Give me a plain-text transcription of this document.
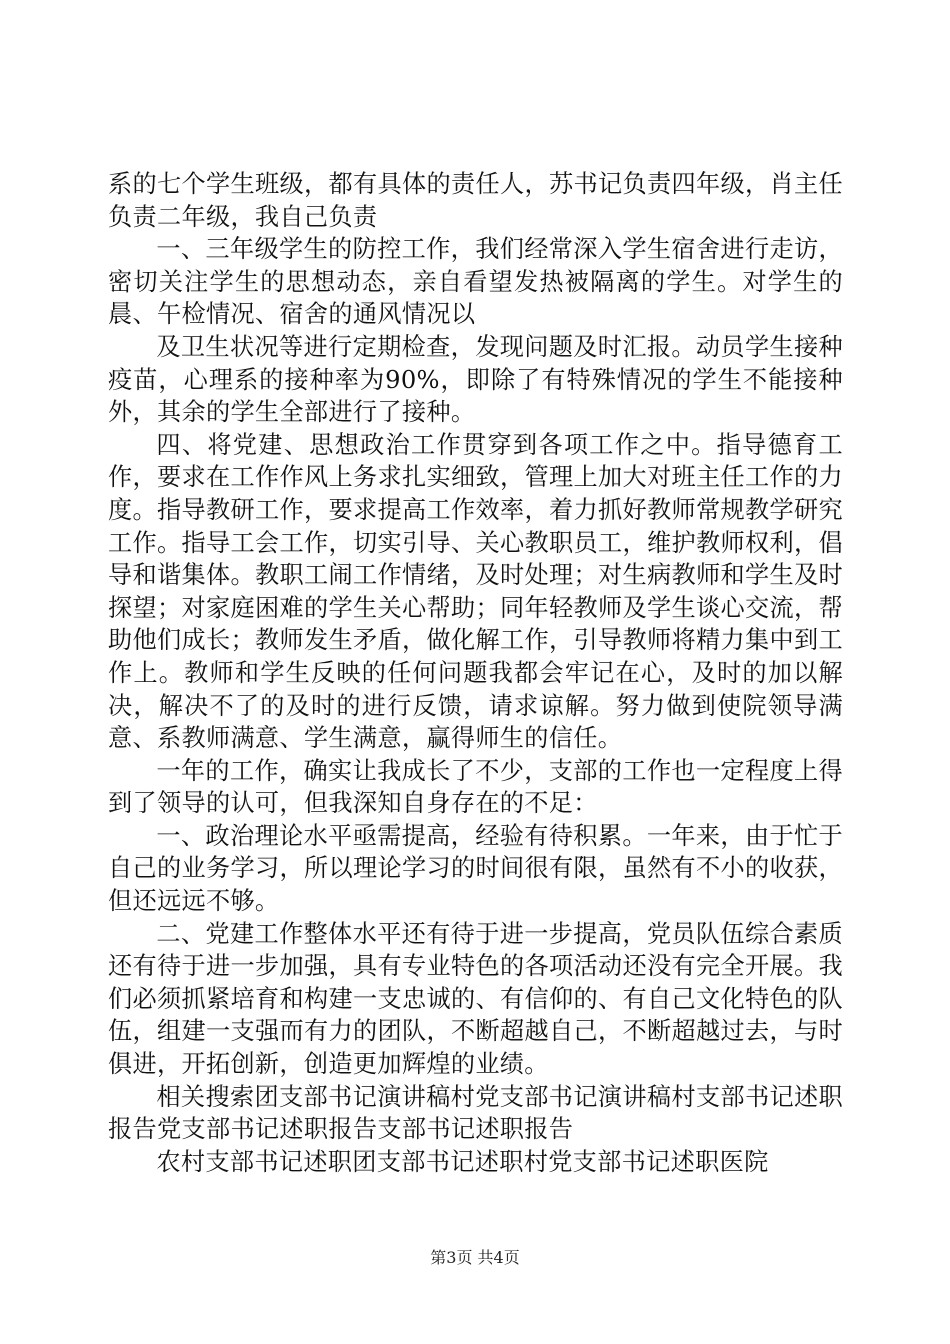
系的七个学生班级，都有具体的责任人，苏书记负责四年级，肖主任负责二年级，我自己负责

一、三年级学生的防控工作，我们经常深入学生宿舍进行走访，密切关注学生的思想动态，亲自看望发热被隔离的学生。对学生的晨、午检情况、宿舍的通风情况以

及卫生状况等进行定期检查，发现问题及时汇报。动员学生接种疫苗，心理系的接种率为90%，即除了有特殊情况的学生不能接种外，其余的学生全部进行了接种。

四、将党建、思想政治工作贯穿到各项工作之中。指导德育工作，要求在工作作风上务求扎实细致，管理上加大对班主任工作的力度。指导教研工作，要求提高工作效率，着力抓好教师常规教学研究工作。指导工会工作，切实引导、关心教职员工，维护教师权利，倡导和谐集体。教职工闹工作情绪，及时处理；对生病教师和学生及时探望；对家庭困难的学生关心帮助；同年轻教师及学生谈心交流，帮助他们成长；教师发生矛盾，做化解工作，引导教师将精力集中到工作上。教师和学生反映的任何问题我都会牢记在心，及时的加以解决，解决不了的及时的进行反馈，请求谅解。努力做到使院领导满意、系教师满意、学生满意，赢得师生的信任。

一年的工作，确实让我成长了不少，支部的工作也一定程度上得到了领导的认可，但我深知自身存在的不足：

一、政治理论水平亟需提高，经验有待积累。一年来，由于忙于自己的业务学习，所以理论学习的时间很有限，虽然有不小的收获，但还远远不够。

二、党建工作整体水平还有待于进一步提高，党员队伍综合素质还有待于进一步加强，具有专业特色的各项活动还没有完全开展。我们必须抓紧培育和构建一支忠诚的、有信仰的、有自己文化特色的队伍，组建一支强而有力的团队，不断超越自己，不断超越过去，与时俱进，开拓创新，创造更加辉煌的业绩。

相关搜索团支部书记演讲稿村党支部书记演讲稿村支部书记述职报告党支部书记述职报告支部书记述职报告

农村支部书记述职团支部书记述职村党支部书记述职医院

第3页 共4页
